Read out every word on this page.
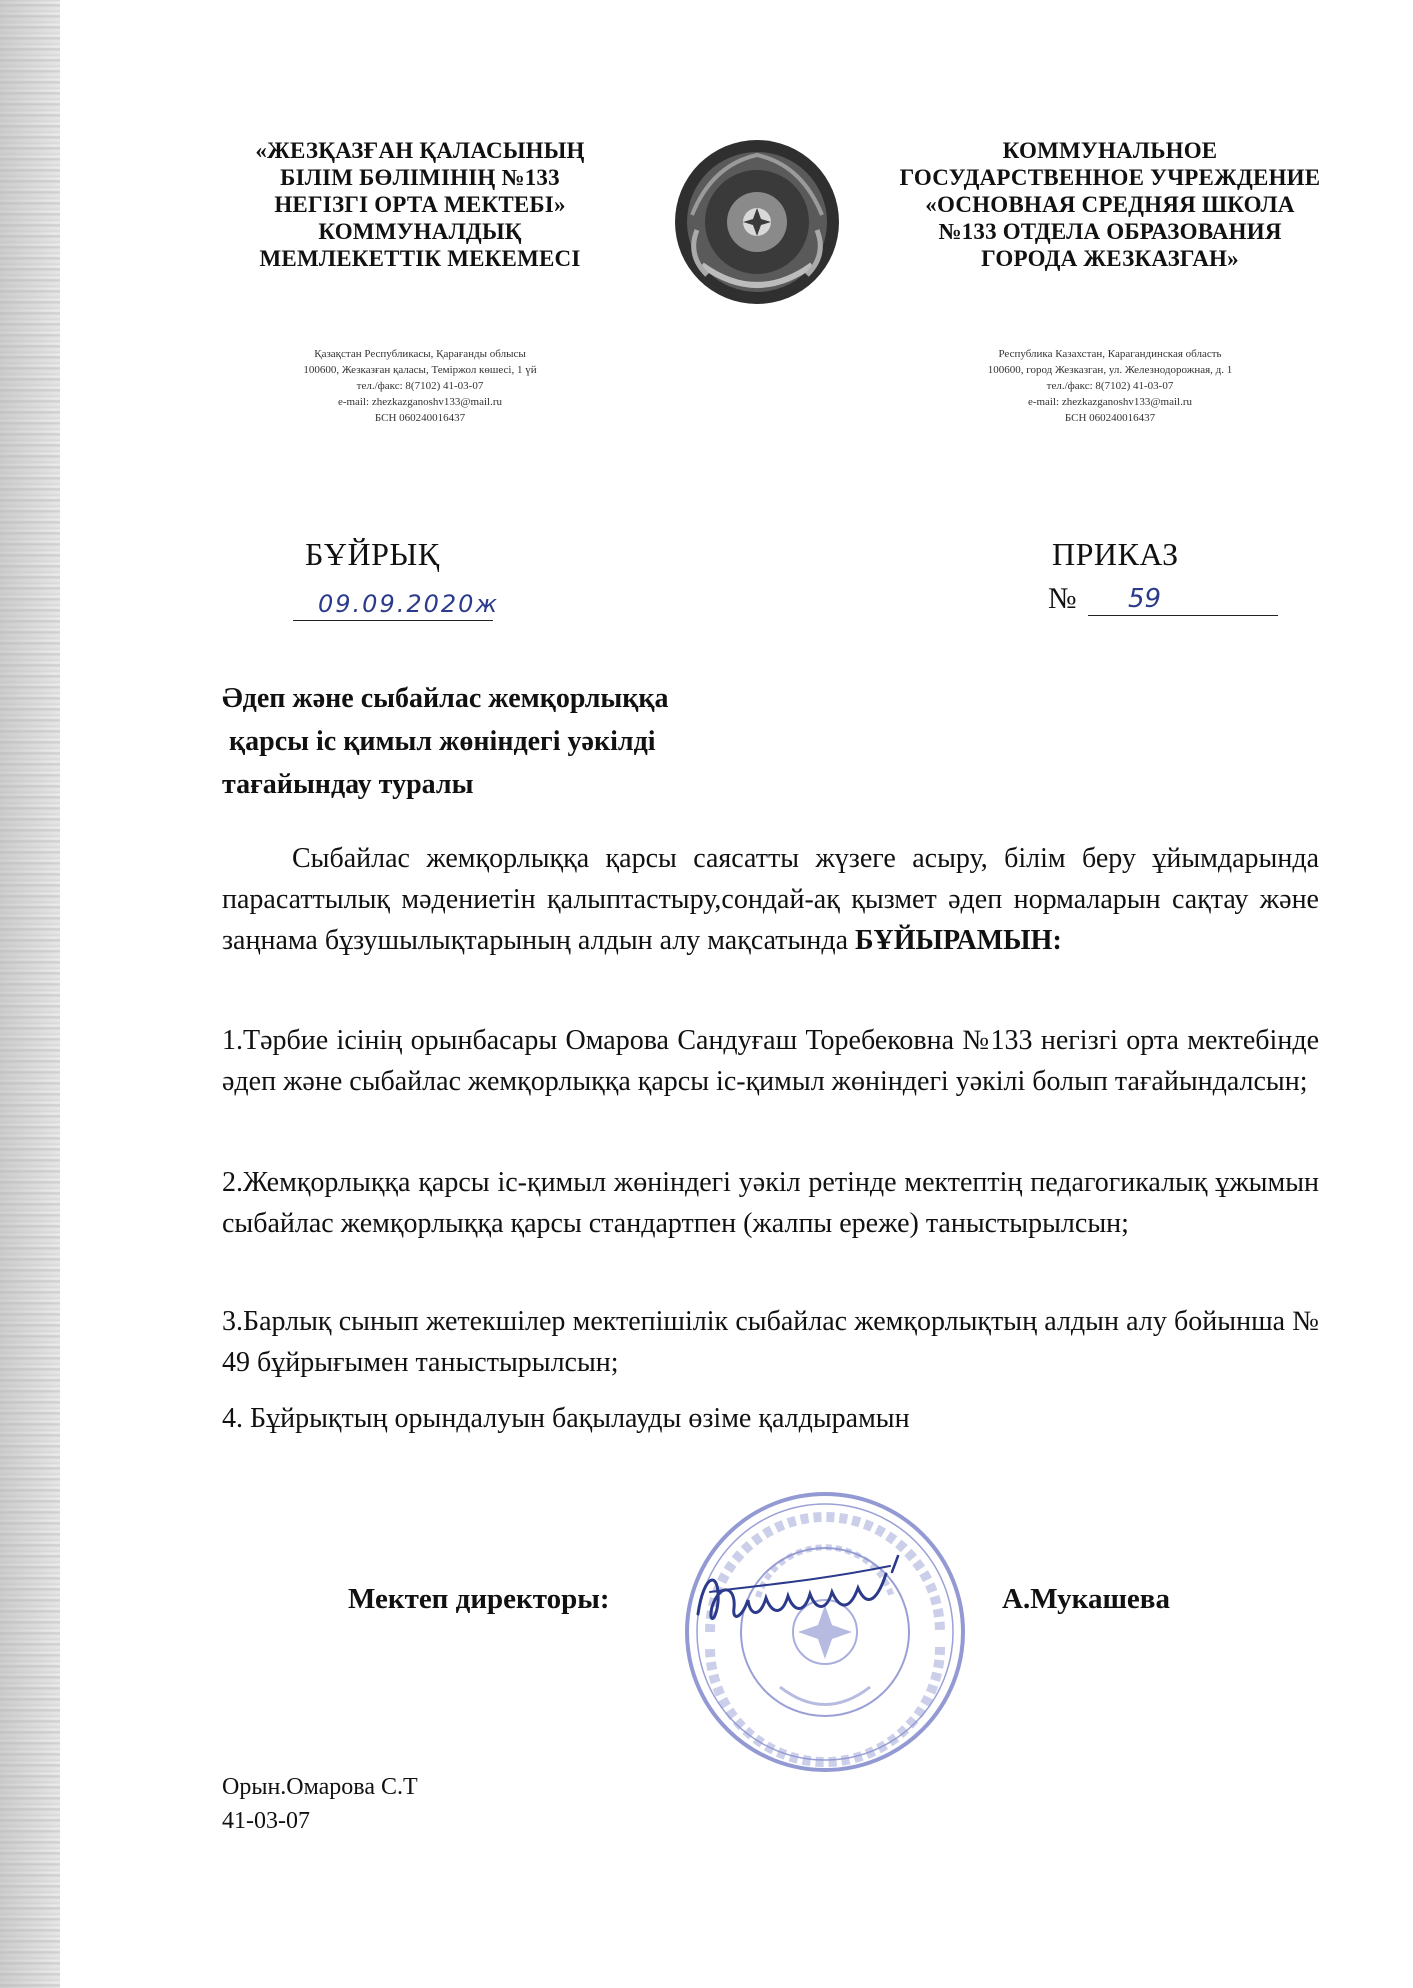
«ЖЕЗҚАЗҒАН ҚАЛАСЫНЫҢ
БІЛІМ БӨЛІМІНІҢ №133
НЕГІЗГІ ОРТА МЕКТЕБІ»
КОММУНАЛДЫҚ
МЕМЛЕКЕТТІК МЕКЕМЕСІ
КОММУНАЛЬНОЕ
ГОСУДАРСТВЕННОЕ УЧРЕЖДЕНИЕ
«ОСНОВНАЯ СРЕДНЯЯ ШКОЛА
№133 ОТДЕЛА ОБРАЗОВАНИЯ
ГОРОДА ЖЕЗКАЗГАН»
Қазақстан Республикасы, Қарағанды облысы
100600, Жезказған қаласы, Теміржол көшесі, 1 үй
тел./факс: 8(7102) 41-03-07
e-mail: zhezkazganoshv133@mail.ru
БСН 060240016437
Республика Казахстан, Карагандинская область
100600, город Жезказган, ул. Железнодорожная, д. 1
тел./факс: 8(7102) 41-03-07
e-mail: zhezkazganoshv133@mail.ru
БСН 060240016437
БҰЙРЫҚ	ПРИКАЗ
09.09.2020ж	№ 59
Әдеп және сыбайлас жемқорлыққа
қарсы іс қимыл жөніндегі уәкілді
тағайындау туралы
Сыбайлас жемқорлыққа қарсы саясатты жүзеге асыру, білім беру ұйымдарында парасаттылық мәдениетін қалыптастыру,сондай-ақ қызмет әдеп нормаларын сақтау және заңнама бұзушылықтарының алдын алу мақсатында БҰЙЫРАМЫН:
1.Тәрбие ісінің орынбасары Омарова Сандуғаш Торебековна №133 негізгі орта мектебінде әдеп және сыбайлас жемқорлыққа қарсы іс-қимыл жөніндегі уәкілі болып тағайындалсын;
2.Жемқорлыққа қарсы іс-қимыл жөніндегі уәкіл ретінде мектептің педагогикалық ұжымын сыбайлас жемқорлыққа қарсы стандартпен (жалпы ереже) таныстырылсын;
3.Барлық сынып жетекшілер мектепішілік сыбайлас жемқорлықтың алдын алу бойынша №  49 бұйрығымен таныстырылсын;
4. Бұйрықтың орындалуын бақылауды өзіме қалдырамын
Мектеп директоры:	А.Мукашева
Орын.Омарова С.Т
41-03-07
